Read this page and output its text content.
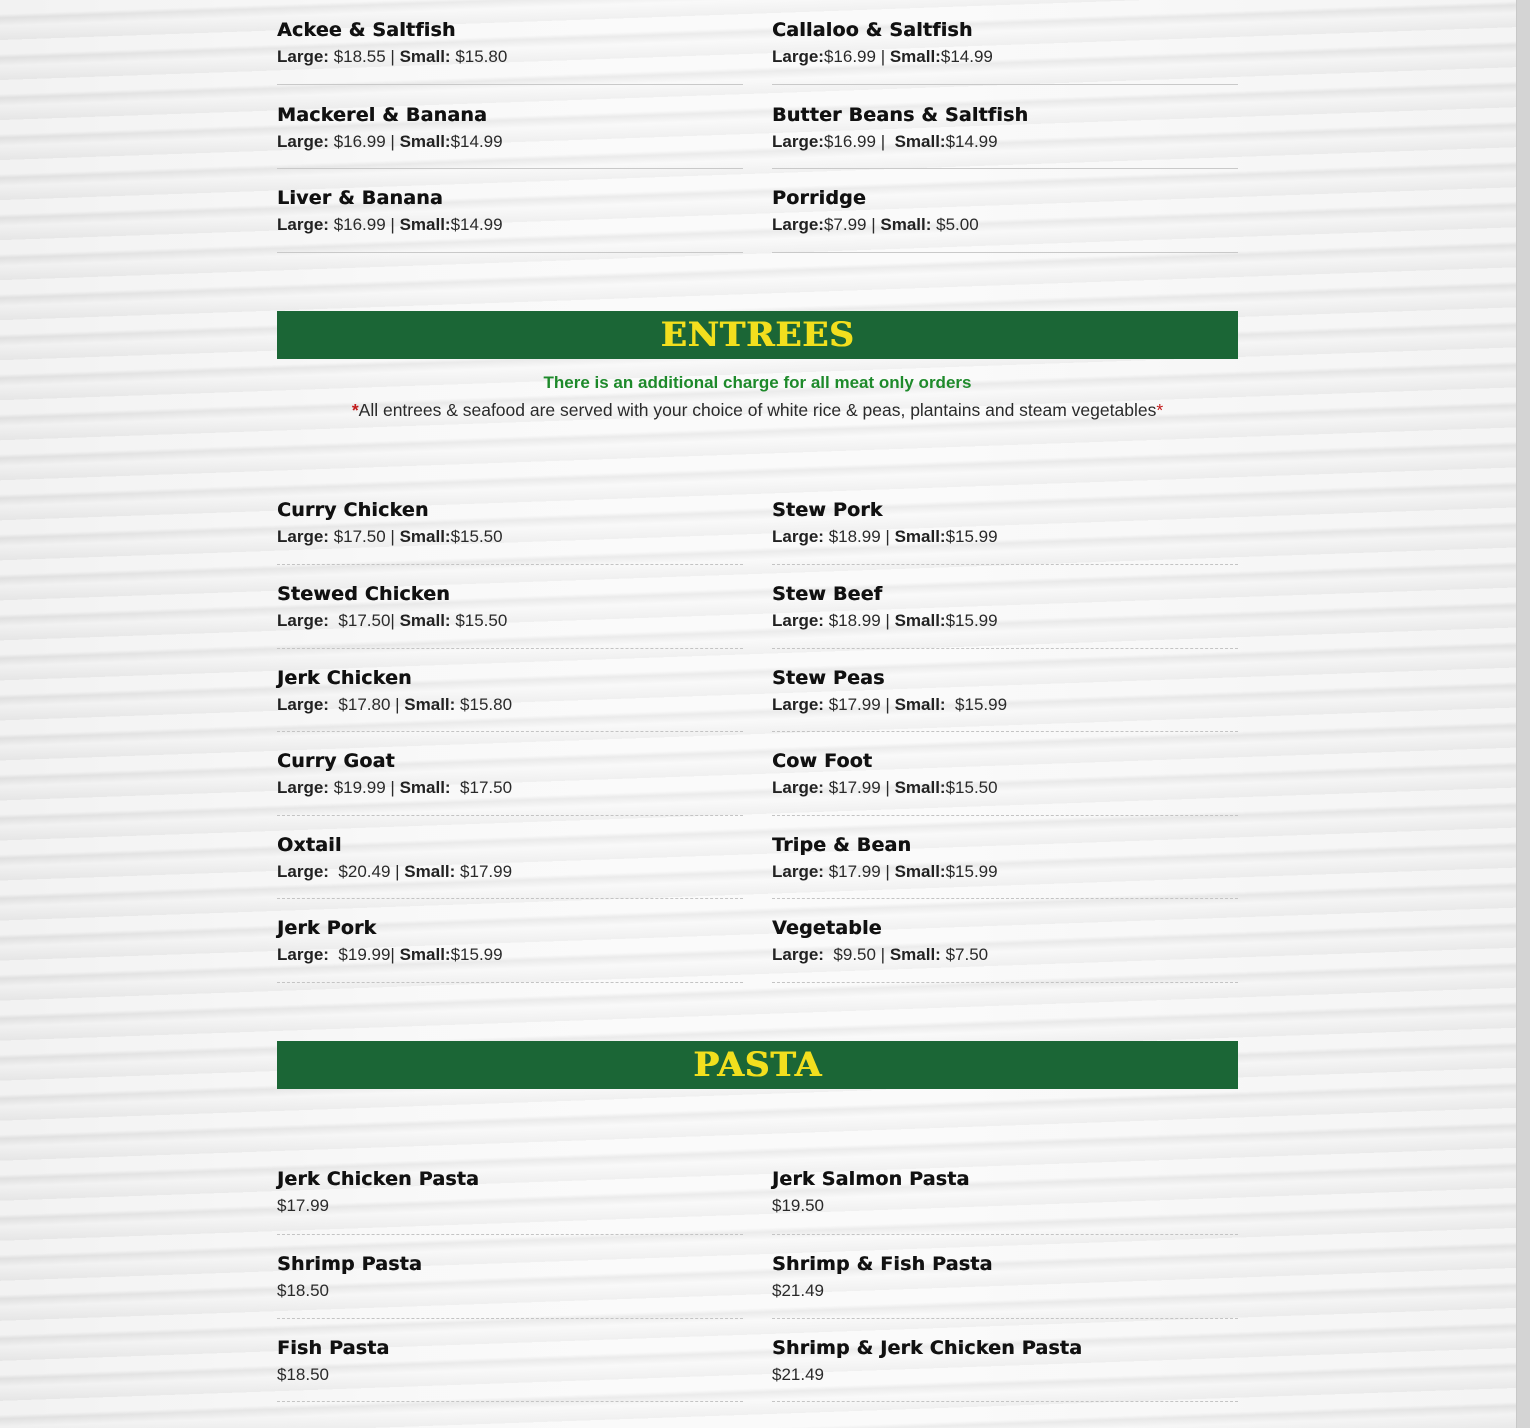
Ackee & Saltfish
Large: $18.55 | Small: $15.80
Callaloo & Saltfish
Large:$16.99 | Small:$14.99
Mackerel & Banana
Large: $16.99 | Small:$14.99
Butter Beans & Saltfish
Large:$16.99 |  Small:$14.99
Liver & Banana
Large: $16.99 | Small:$14.99
Porridge
Large:$7.99 | Small: $5.00
ENTREES
There is an additional charge for all meat only orders
*All entrees & seafood are served with your choice of white rice & peas, plantains and steam vegetables*
Curry Chicken
Large: $17.50 | Small:$15.50
Stew Pork
Large: $18.99 | Small:$15.99
Stewed Chicken
Large:  $17.50| Small: $15.50
Stew Beef
Large: $18.99 | Small:$15.99
Jerk Chicken
Large:  $17.80 | Small: $15.80
Stew Peas
Large: $17.99 | Small:  $15.99
Curry Goat
Large: $19.99 | Small:  $17.50
Cow Foot
Large: $17.99 | Small:$15.50
Oxtail
Large:  $20.49 | Small: $17.99
Tripe & Bean
Large: $17.99 | Small:$15.99
Jerk Pork
Large:  $19.99| Small:$15.99
Vegetable
Large:  $9.50 | Small: $7.50
PASTA
Jerk Chicken Pasta
$17.99
Jerk Salmon Pasta
$19.50
Shrimp Pasta
$18.50
Shrimp & Fish Pasta
$21.49
Fish Pasta
$18.50
Shrimp & Jerk Chicken Pasta
$21.49
